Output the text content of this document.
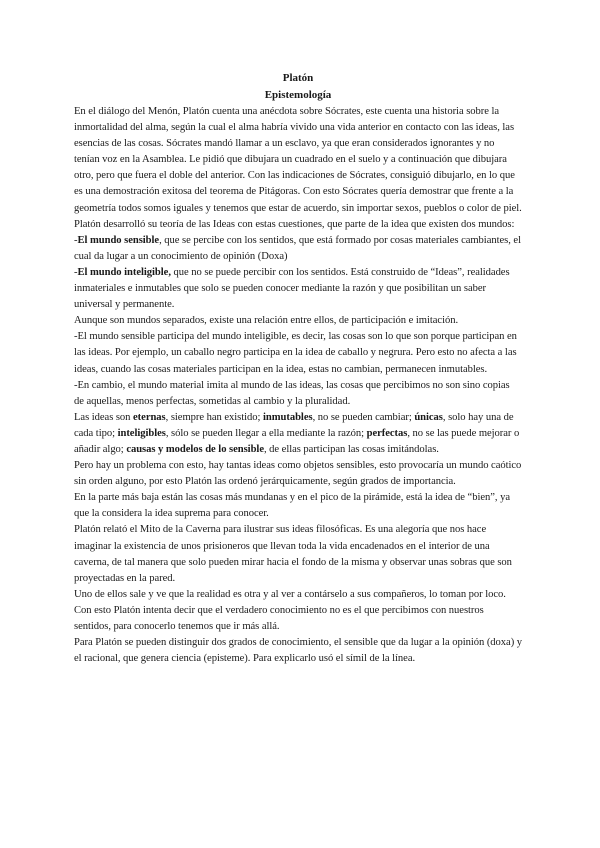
Platón
Epistemología

En el diálogo del Menón, Platón cuenta una anécdota sobre Sócrates, este cuenta una historia sobre la inmortalidad del alma, según la cual el alma habría vivido una vida anterior en contacto con las ideas, las esencias de las cosas. Sócrates mandó llamar a un esclavo, ya que eran considerados ignorantes y no tenían voz en la Asamblea. Le pidió que dibujara un cuadrado en el suelo y a continuación que dibujara otro, pero que fuera el doble del anterior. Con las indicaciones de Sócrates, consiguió dibujarlo, en lo que es una demostración exitosa del teorema de Pitágoras. Con esto Sócrates quería demostrar que frente a la geometría todos somos iguales y tenemos que estar de acuerdo, sin importar sexos, pueblos o color de piel.

Platón desarrolló su teoría de las Ideas con estas cuestiones, que parte de la idea que existen dos mundos:

-El mundo sensible, que se percibe con los sentidos, que está formado por cosas materiales cambiantes, el cual da lugar a un conocimiento de opinión (Doxa)

-El mundo inteligible, que no se puede percibir con los sentidos. Está construido de “Ideas”, realidades inmateriales e inmutables que solo se pueden conocer mediante la razón y que posibilitan un saber universal y permanente.

Aunque son mundos separados, existe una relación entre ellos, de participación e imitación.

-El mundo sensible participa del mundo inteligible, es decir, las cosas son lo que son porque participan en las ideas. Por ejemplo, un caballo negro participa en la idea de caballo y negrura. Pero esto no afecta a las ideas, cuando las cosas materiales participan en la idea, estas no cambian, permanecen inmutables.

-En cambio, el mundo material imita al mundo de las ideas, las cosas que percibimos no son sino copias de aquellas, menos perfectas, sometidas al cambio y la pluralidad.

Las ideas son eternas, siempre han existido; inmutables, no se pueden cambiar; únicas, solo hay una de cada tipo; inteligibles, sólo se pueden llegar a ella mediante la razón; perfectas, no se las puede mejorar o añadir algo; causas y modelos de lo sensible, de ellas participan las cosas imitándolas.

Pero hay un problema con esto, hay tantas ideas como objetos sensibles, esto provocaría un mundo caótico sin orden alguno, por esto Platón las ordenó jerárquicamente, según grados de importancia.

En la parte más baja están las cosas más mundanas y en el pico de la pirámide, está la idea de “bien”, ya que la considera la idea suprema para conocer.

Platón relató el Mito de la Caverna para ilustrar sus ideas filosóficas. Es una alegoría que nos hace imaginar la existencia de unos prisioneros que llevan toda la vida encadenados en el interior de una caverna, de tal manera que solo pueden mirar hacia el fondo de la misma y observar unas sobras que son proyectadas en la pared.

Uno de ellos sale y ve que la realidad es otra y al ver a contárselo a sus compañeros, lo toman por loco. Con esto Platón intenta decir que el verdadero conocimiento no es el que percibimos con nuestros sentidos, para conocerlo tenemos que ir más allá.

Para Platón se pueden distinguir dos grados de conocimiento, el sensible que da lugar a la opinión (doxa) y el racional, que genera ciencia (episteme). Para explicarlo usó el símil de la línea.
